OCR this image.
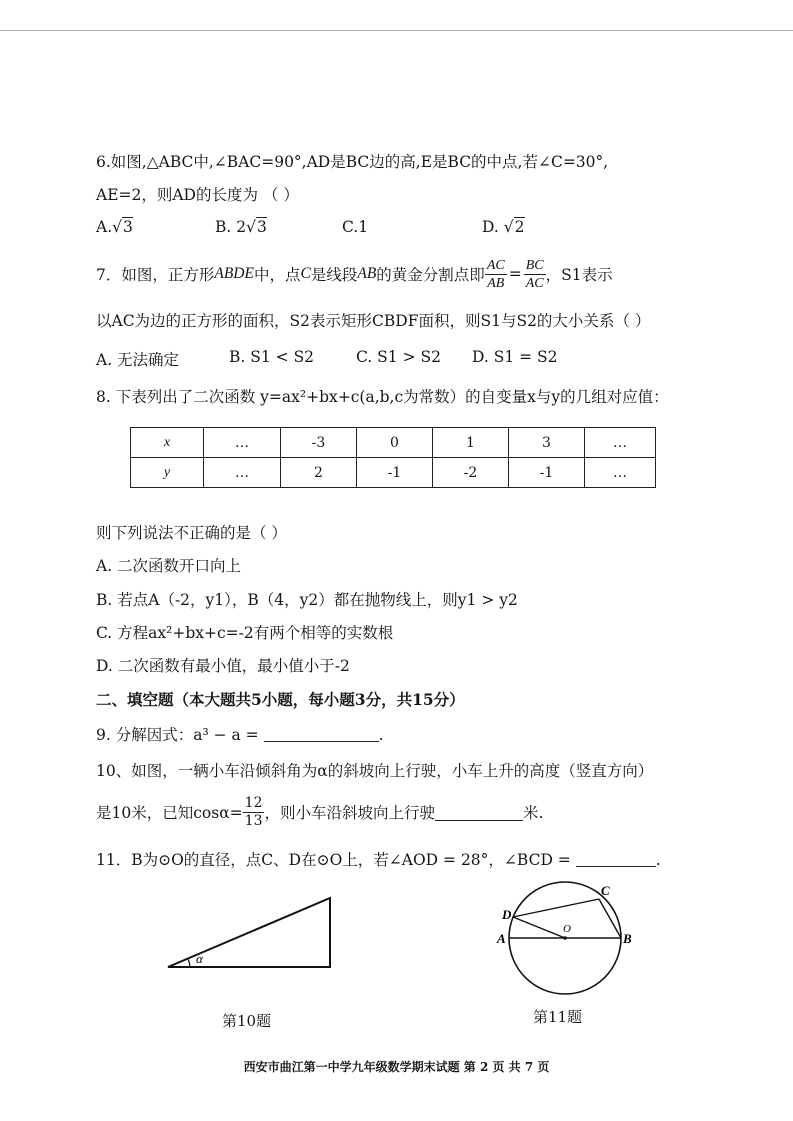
6.如图,△ABC中,∠BAC=90°,AD是BC边的高,E是BC的中点,若∠C=30°,
AE=2，则AD的长度为 （ ）
A.√3	B. 2√3	C.1	D. √2
7．如图，正方形 ABDE 中，点 C 是线段 AB 的黄金分割点即 $\frac{AC}{AB} = \frac{BC}{AC}$ ，S1表示
以AC为边的正方形的面积，S2表示矩形CBDF面积，则S1与S2的大小关系（ ）
A. 无法确定	B. S1 < S2	C. S1 > S2 D. S1 = S2
8. 下表列出了二次函数 y=ax²+bx+c(a,b,c为常数）的自变量x与y的几组对应值：
x	…	-3	0	1	3	…
y	…	2	-1	-2	-1	…
则下列说法不正确的是（ ）
A. 二次函数开口向上
B. 若点A（-2，y1），B（4，y2）都在抛物线上，则y1 > y2
C. 方程ax²+bx+c=-2有两个相等的实数根
D. 二次函数有最小值，最小值小于-2
二、填空题（本大题共5小题，每小题3分，共15分）
9. 分解因式：a³ − a =	.
10、如图，一辆小车沿倾斜角为α的斜坡向上行驶，小车上升的高度（竖直方向）
是10米，已知$\cos\alpha= \frac{12}{13}$ ，则小车沿斜坡向上行驶	米.
11．B为⊙O的直径，点C、D在⊙O上，若∠AOD = 28°，∠BCD =	.
α
第10题
A	B
C
D
O
第11题
西安市曲江第一中学九年级数学期末试题 第 2 页 共 7 页
